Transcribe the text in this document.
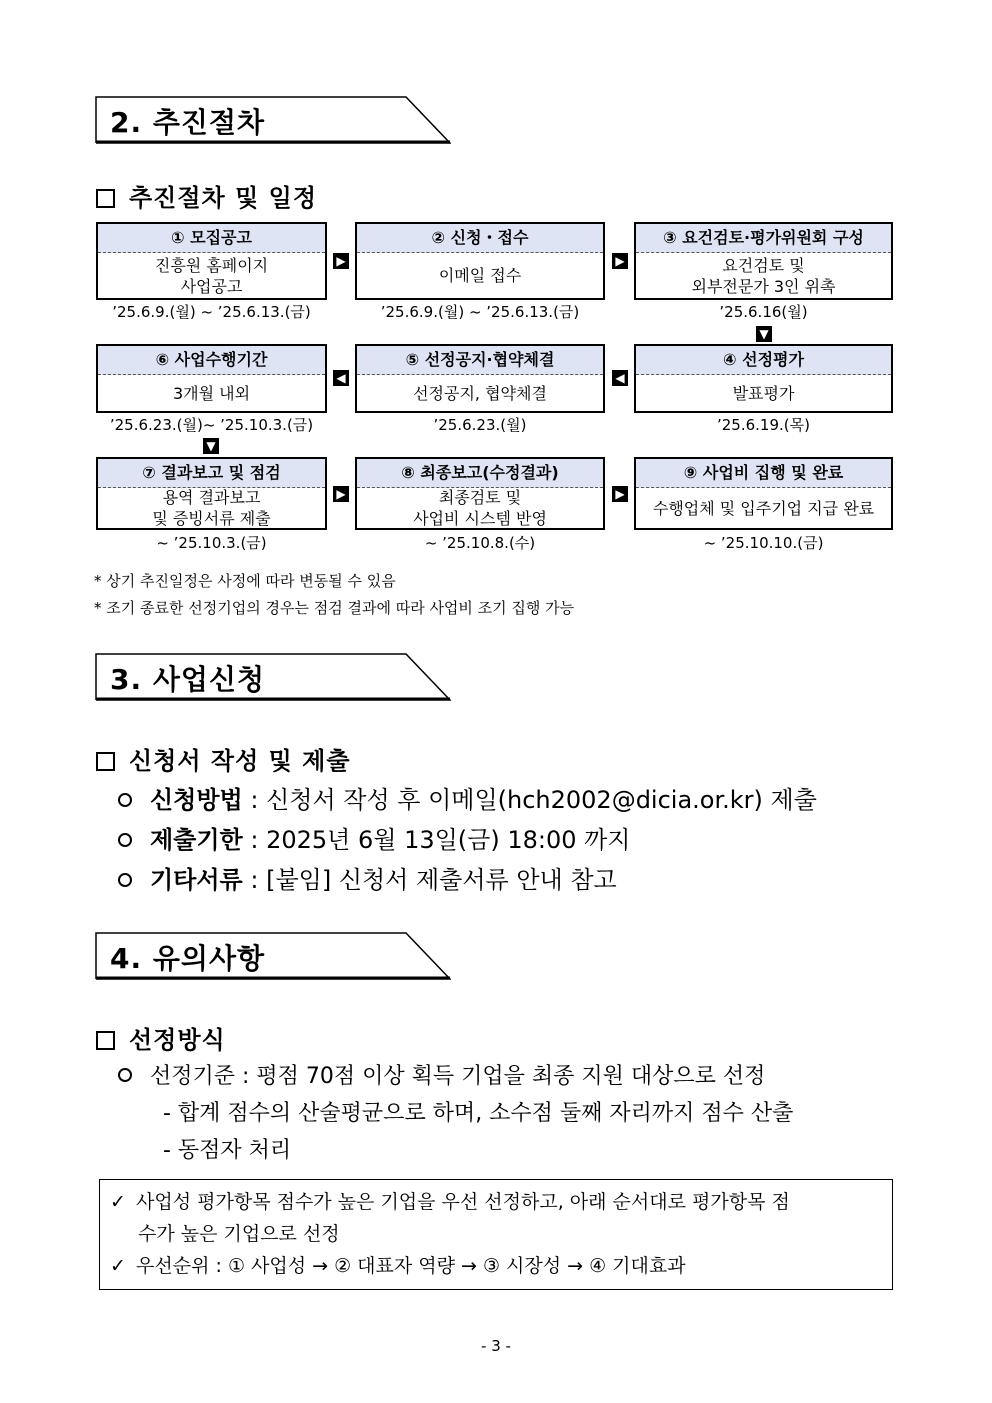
2. 추진절차
추진절차 및 일정
① 모집공고
진흥원 홈페이지
사업공고
’25.6.9.(월) ~ ’25.6.13.(금)
▶
② 신청・접수
이메일 접수
’25.6.9.(월) ~ ’25.6.13.(금)
▶
③ 요건검토·평가위원회 구성
요건검토 및
외부전문가 3인 위촉
’25.6.16(월)
▼
⑥ 사업수행기간
3개월 내외
’25.6.23.(월)~ ’25.10.3.(금)
◀
⑤ 선정공지·협약체결
선정공지, 협약체결
’25.6.23.(월)
◀
④ 선정평가
발표평가
’25.6.19.(목)
▼
⑦ 결과보고 및 점검
용역 결과보고
및 증빙서류 제출
~ ’25.10.3.(금)
▶
⑧ 최종보고(수정결과)
최종검토 및
사업비 시스템 반영
~ ’25.10.8.(수)
▶
⑨ 사업비 집행 및 완료
수행업체 및 입주기업 지급 완료
~ ’25.10.10.(금)
* 상기 추진일정은 사정에 따라 변동될 수 있음
* 조기 종료한 선정기업의 경우는 점검 결과에 따라 사업비 조기 집행 가능
3. 사업신청
신청서 작성 및 제출
신청방법 : 신청서 작성 후 이메일(hch2002@dicia.or.kr) 제출
제출기한 : 2025년 6월 13일(금) 18:00 까지
기타서류 : [붙임] 신청서 제출서류 안내 참고
4. 유의사항
선정방식
선정기준 : 평점 70점 이상 획득 기업을 최종 지원 대상으로 선정
- 합계 점수의 산술평균으로 하며, 소수점 둘째 자리까지 점수 산출
- 동점자 처리
✓ 사업성 평가항목 점수가 높은 기업을 우선 선정하고, 아래 순서대로 평가항목 점
수가 높은 기업으로 선정
✓ 우선순위 : ① 사업성 → ② 대표자 역량 → ③ 시장성 → ④ 기대효과
- 3 -
